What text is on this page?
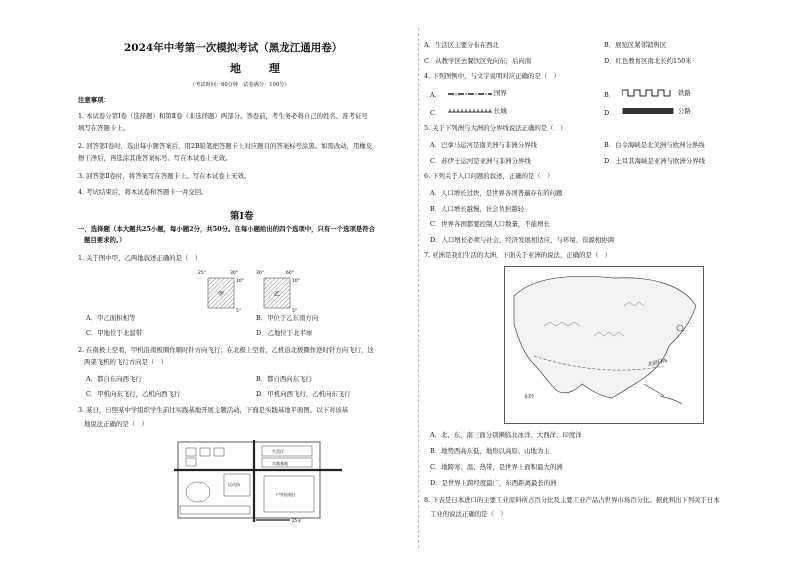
2024年中考第一次模拟考试（黑龙江通用卷）
地 理
（考试时间：60分钟　试卷满分：100分）
注意事项：
1. 本试卷分第Ⅰ卷（选择题）和第Ⅱ卷（非选择题）两部分。答卷前，考生务必将自己的姓名、准考证号
填写在答题卡上。
2. 回答第Ⅰ卷时，选出每小题答案后，用2B铅笔把答题卡上对应题目的答案标号涂黑。如需改动，用橡皮
擦干净后，再选涂其他答案标号。写在本试卷上无效。
3. 回答第Ⅱ卷时，将答案写在答题卡上。写在本试卷上无效。
4. 考试结束后，将本试卷和答题卡一并交回。
第Ⅰ卷
一、选择题（本大题共25小题，每小题2分，共50分。在每小题给出的四个选项中，只有一个选项是符合
题目要求的。）
1. 关于图中甲、乙两地叙述正确的是（　）
甲	乙
25°	30°
10°
5°
30°	60°
10°
5°
A．甲乙面积相等	B．甲位于乙东南方向
C．甲地位于北温带	D．乙地位于北半球
2. 在南极上空看，甲机沿南极圈作顺时针方向飞行；在北极上空看，乙机沿北极圈作逆时针方向飞行，这
两架飞机的飞行方向是（　）
A．都自东向西飞行	B．都自西向东飞行
C．甲机向东飞行，乙机向西飞行	D．甲机向西飞行，乙机向东飞行
3. 某日，日照某中学组织学生前往实践基地开展主题活动，下面是实践基地平面图。以下对该基
地说法正确的是（　）
生活区
实践基地
运动场
户外拓展区
25米
A．生活区主要分布在西北	B．展览区紧邻销售区
C．从教学区去餐饮区先向东，后向南	D．红色教育区南北长约150米
4. 下列图例中，与文字说明对应正确的是（　）
A．	国界	B．	铁路
C．	长城	D．	公路
5. 关于下列洲与大洲的分界线说法正确的是（　）
A．巴拿马运河是南美洲与非洲分界线	B．白令海峡是北美洲与欧洲分界线
C．苏伊士运河是亚洲与非洲分界线	D．土耳其海峡是亚洲与欧洲分界线
6. 下列关于人口问题的叙述，正确的是（　）
A．人口增长过快，是世界各国普遍存在的问题
B．人口增长越慢，社会负担越轻
C．世界各国都要控制人口数量，不能增长
D．人口增长必须与社会、经济发展相适应，与环境、资源相协调
7. 亚洲是我们生活的大洲，下面关于亚洲的说法，正确的是（　）
北回归线
东经
A．北、东、南三面分别濒临北冰洋、大西洋、印度洋
B．地势西高东低，地形以高原、山地为主
C．地跨寒、温、热带，是世界上面积最大的洲
D．是世界上跨经度最广，东西距离最长的洲
8. 下表是日本进口的主要工业原料所占百分比及主要工业产品占世界市场百分比。据此判出下列关于日本
工业的说法正确的是（　）
